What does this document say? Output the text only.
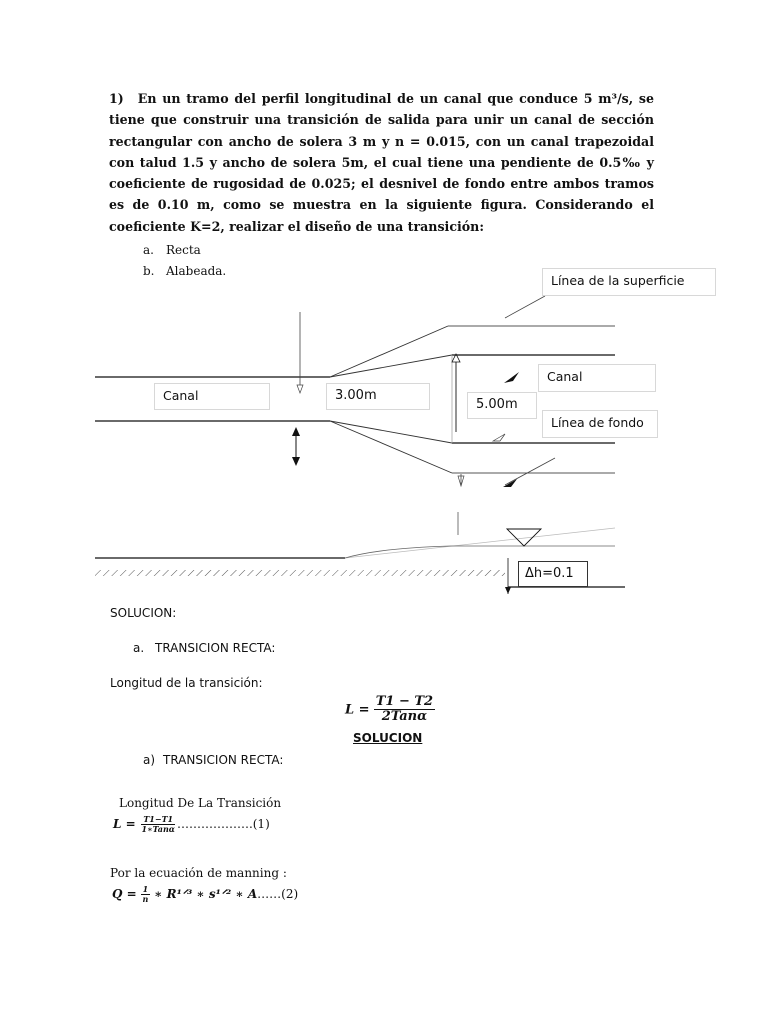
1) En un tramo del perfil longitudinal de un canal que conduce 5 m³/s, se tiene que construir una transición de salida para unir un canal de sección rectangular con ancho de solera 3 m y n = 0.015, con un canal trapezoidal con talud 1.5 y ancho de solera 5m, el cual tiene una pendiente de 0.5‰ y coeficiente de rugosidad de 0.025; el desnivel de fondo entre ambos tramos es de 0.10 m, como se muestra en la siguiente figura. Considerando el coeficiente K=2, realizar el diseño de una transición:
a. Recta
b. Alabeada.
Línea de la superficie
Canal
Canal	3.00m
5.00m
Línea de fondo
Δh=0.1
SOLUCION:
a. TRANSICION RECTA:
Longitud de la transición:
$L = \frac{T1 - T2}{\text{2Tanα}}$
SOLUCION
a) TRANSICION RECTA:
Longitud De La Transición
$L = \frac{T1-T1}{\text{1∗Tanα}}$ ……………….(1)
Por la ecuación de manning :
$Q = \frac{1}{n}$ ∗ R¹ᐟ³ ∗ s¹ᐟ² ∗ A……(2)
